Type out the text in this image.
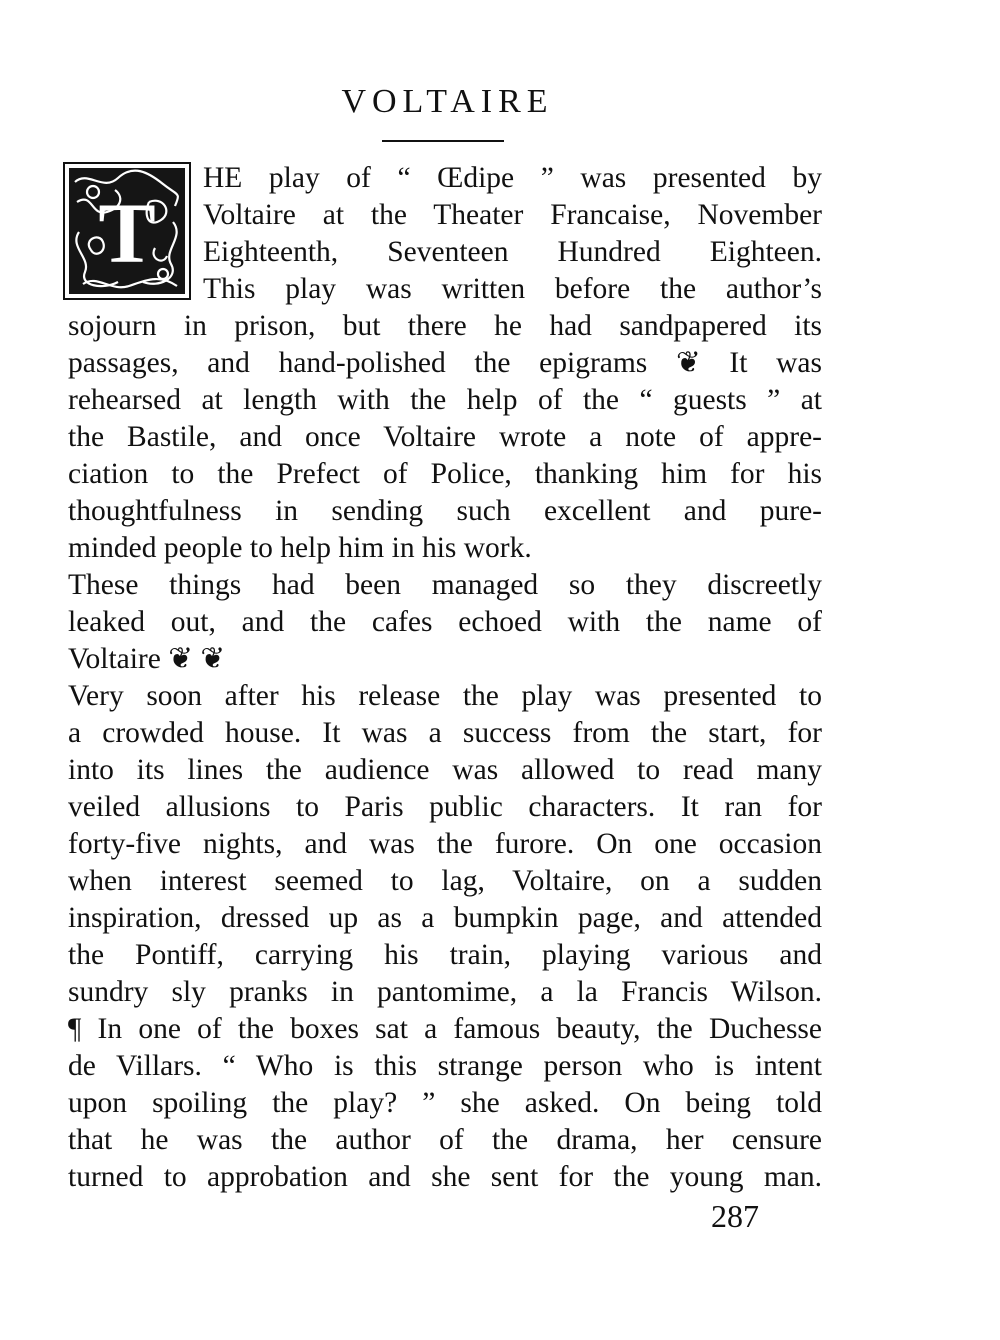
VOLTAIRE
T
HE play of “ Œdipe ” was presented by
Voltaire at the Theater Francaise, November
Eighteenth, Seventeen Hundred Eighteen.
This play was written before the author’s
sojourn in prison, but there he had sandpapered its
passages, and hand-polished the epigrams ❦ It was
rehearsed at length with the help of the “ guests ” at
the Bastile, and once Voltaire wrote a note of appre-
ciation to the Prefect of Police, thanking him for his
thoughtfulness in sending such excellent and pure-
minded people to help him in his work.
These things had been managed so they discreetly
leaked out, and the cafes echoed with the name of
Voltaire ❦ ❦
Very soon after his release the play was presented to
a crowded house. It was a success from the start, for
into its lines the audience was allowed to read many
veiled allusions to Paris public characters. It ran for
forty-five nights, and was the furore. On one occasion
when interest seemed to lag, Voltaire, on a sudden
inspiration, dressed up as a bumpkin page, and attended
the Pontiff, carrying his train, playing various and
sundry sly pranks in pantomime, a la Francis Wilson.
¶ In one of the boxes sat a famous beauty, the Duchesse
de Villars. “ Who is this strange person who is intent
upon spoiling the play? ” she asked. On being told
that he was the author of the drama, her censure
turned to approbation and she sent for the young man.
287
